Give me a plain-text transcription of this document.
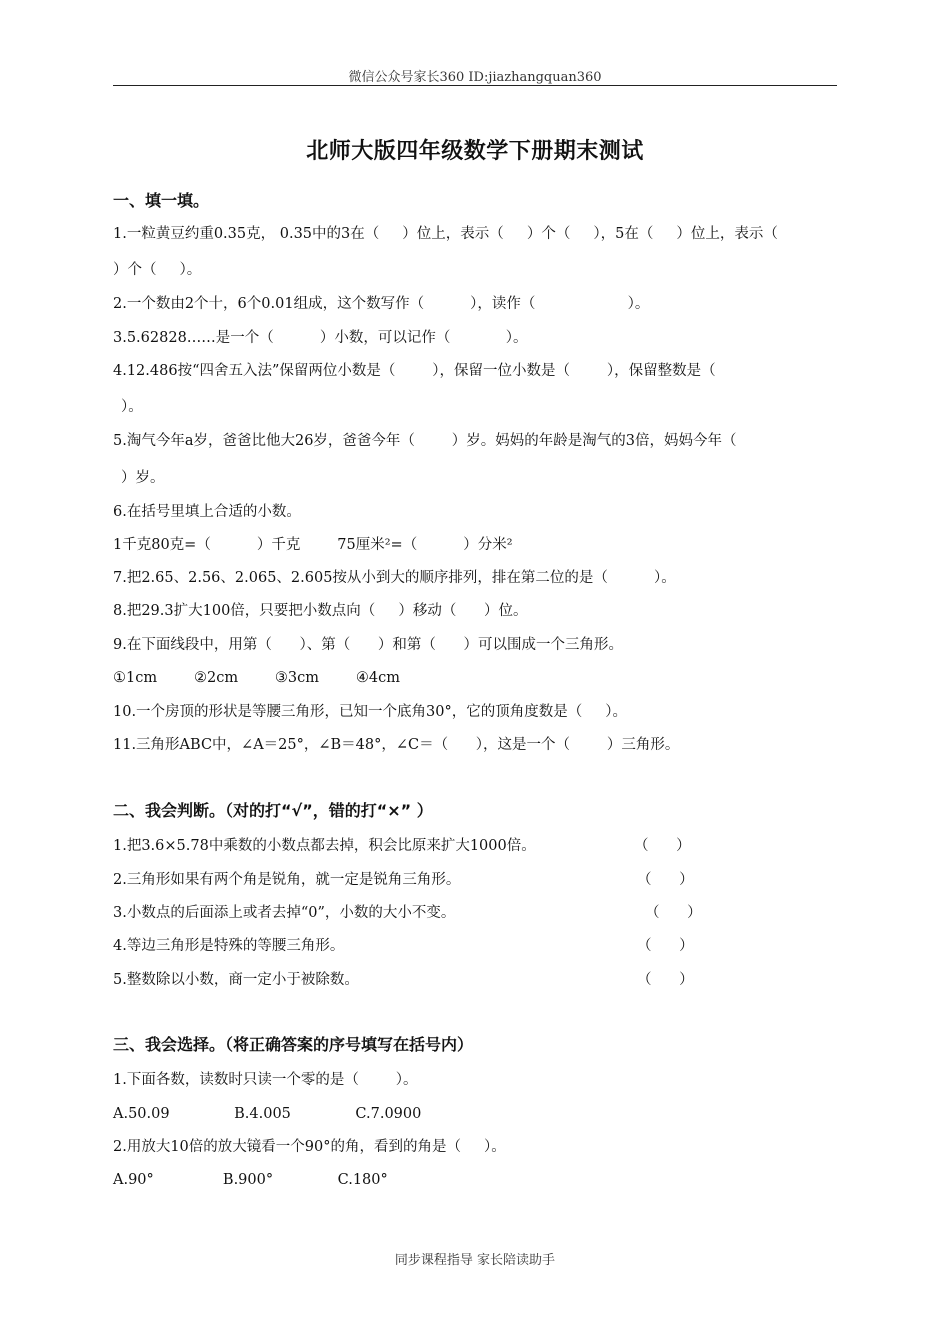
微信公众号家长360 ID:jiazhangquan360
北师大版四年级数学下册期末测试
一、填一填。
1.一粒黄豆约重0.35克， 0.35中的3在（     ）位上，表示（     ）个（     ），5在（     ）位上，表示（
）个（     ）。
2.一个数由2个十，6个0.01组成，这个数写作（          ），读作（                    ）。
3.5.62828……是一个（          ）小数，可以记作（            ）。
4.12.486按“四舍五入法”保留两位小数是（        ），保留一位小数是（        ），保留整数是（
）。
5.淘气今年a岁，爸爸比他大26岁，爸爸今年（        ）岁。妈妈的年龄是淘气的3倍，妈妈今年（
）岁。
6.在括号里填上合适的小数。
1千克80克=（          ）千克        75厘米²=（          ）分米²
7.把2.65、2.56、2.065、2.605按从小到大的顺序排列，排在第二位的是（          ）。
8.把29.3扩大100倍，只要把小数点向（     ）移动（      ）位。
9.在下面线段中，用第（      ）、第（      ）和第（      ）可以围成一个三角形。
①1cm        ②2cm        ③3cm        ④4cm
10.一个房顶的形状是等腰三角形，已知一个底角30°，它的顶角度数是（     ）。
11.三角形ABC中，∠A＝25°，∠B＝48°，∠C＝（      ），这是一个（        ）三角形。
二、我会判断。（对的打“√”，错的打“×” ）
1.把3.6×5.78中乘数的小数点都去掉，积会比原来扩大1000倍。	（      ）
2.三角形如果有两个角是锐角，就一定是锐角三角形。	（      ）
3.小数点的后面添上或者去掉“0”，小数的大小不变。	（      ）
4.等边三角形是特殊的等腰三角形。	（      ）
5.整数除以小数，商一定小于被除数。	（      ）
三、我会选择。（将正确答案的序号填写在括号内）
1.下面各数，读数时只读一个零的是（        ）。
A.50.09              B.4.005              C.7.0900
2.用放大10倍的放大镜看一个90°的角，看到的角是（     ）。
A.90°               B.900°              C.180°
同步课程指导 家长陪读助手
